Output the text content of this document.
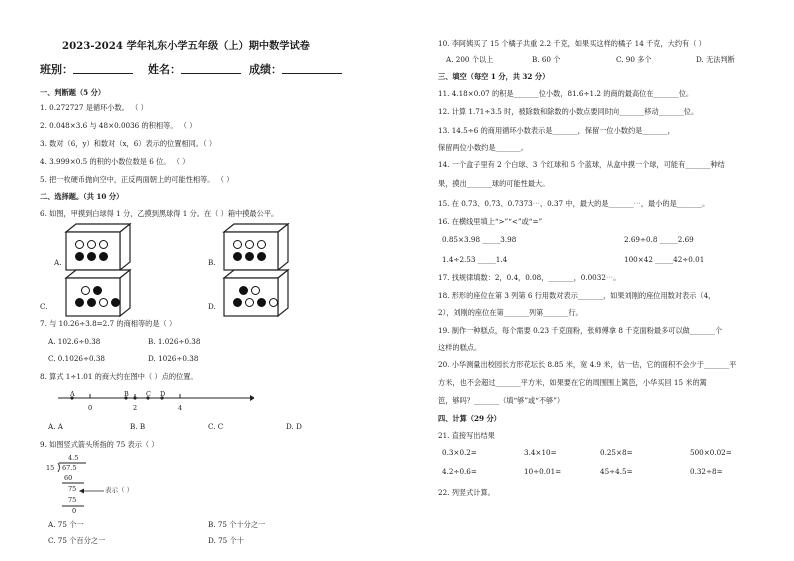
2023-2024 学年礼东小学五年级（上）期中数学试卷
班别：	姓名：	成绩：
一、判断题（5 分）
1. 0.272727 是循环小数。 （ ）
2. 0.048×3.6 与 48×0.0036 的积相等。 （ ）
3. 数对（6，y）和数对（x，6）表示的位置相同。（ ）
4. 3.999×0.5 的积的小数位数是 6 位。 （ ）
5. 把一枚硬币抛向空中，正反两面朝上的可能性相等。 （ ）
二、选择题。（共 10 分）
6. 如图，甲摸到白球得 1 分，乙摸到黑球得 1 分。在（ ）箱中摸最公平。
A.	B.
C.	D.
7. 与 10.26÷3.8=2.7 的商相等的是（ ）
A. 102.6÷0.38	B. 1.026÷0.38
C. 0.1026÷0.38	D. 1026÷0.38
8. 算式 1÷1.01 的商大约在图中（ ）点的位置。
A	B	C D
0	2	4
A. A	B. B	C. C	D. D
9. 如图竖式箭头所指的 75 表示（ ）
4.5
15 67.5
60
75
75
表示（ ）
0
A. 75 个一	B. 75 个十分之一
C. 75 个百分之一	D. 75 个十
10. 李阿姨买了 15 个橘子共重 2.2 千克，如果买这样的橘子 14 千克，大约有（ ）
A. 200 个以上	B. 60 个	C. 90 多个	D. 无法判断
三、填空（每空 1 分，共 32 分）
11. 4.18×0.07 的积是_______位小数，81.6÷1.2 的商的最高位在_______位。
12. 计算 1.71÷3.5 时，被除数和除数的小数点要同时向_______移动_______位。
13. 14.5÷6 的商用循环小数表示是_______，保留一位小数约是_______，
保留两位小数约是_______。
14. 一个盒子里有 2 个白球、3 个红球和 5 个蓝球，从盒中摸一个球，可能有_______种结
果，摸出_______球的可能性最大。
15. 在 0.73、0.73̇、0.7373⋯、0.37 中，最大的是_______⋯，最小的是_______。
16. 在横线里填上“>”“<”或“=”
0.85×3.98 _____3.98	2.69÷0.8 _____2.69
1.4÷2.53 _____1.4	100×42 _____42÷0.01
17. 找规律填数：2，0.4，0.08，_______，0.0032⋯。
18. 形形的座位在第 3 列第 6 行用数对表示_______，如果刘刚的座位用数对表示（4，
2），刘刚的座位在第_______列第_______行。
19. 制作一种糕点，每个需要 0.23 千克面粉，张师傅拿 8 千克面粉最多可以做_______个
这样的糕点。
20. 小华测量出校园长方形花坛长 8.85 米，宽 4.9 米，估一估，它的面积不会少于_______平
方米，也不会超过_______平方米，如果要在它的周围围上篱笆，小华买回 15 米的篱
笆，够吗？_______（填“够”或“不够”）
四、计算（29 分）
21. 直接写出结果
0.3×0.2=	3.4×10=	0.25×8=	500×0.02=
4.2÷0.6=	10÷0.01=	45÷4.5=	0.32÷8=
22. 列竖式计算。
